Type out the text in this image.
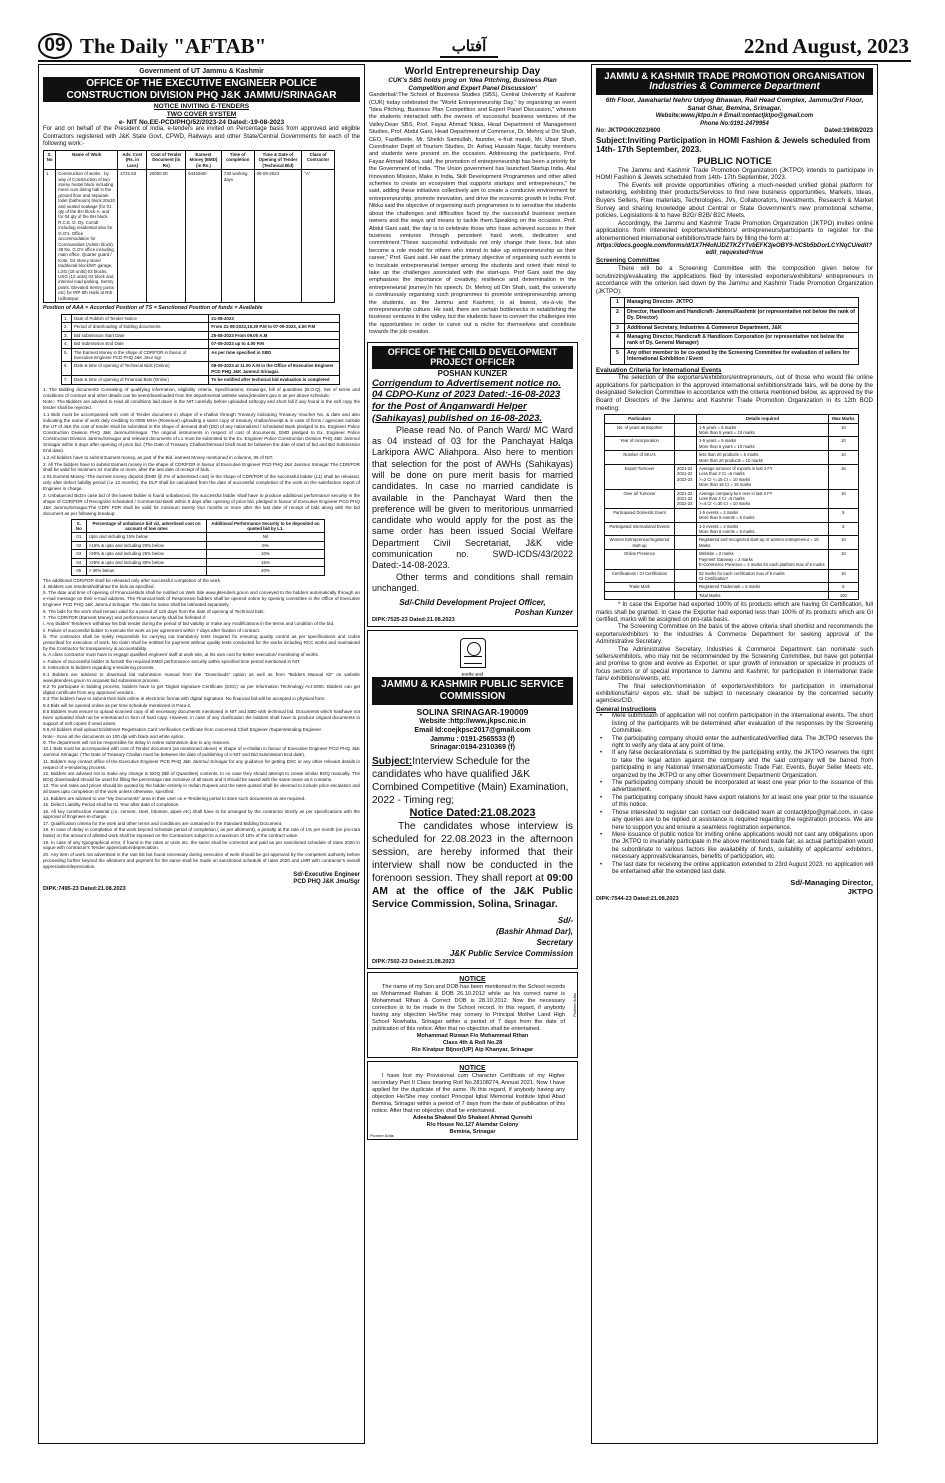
09 The Daily "AFTAB"	آفتاب	22nd August, 2023
Government of UT Jammu & Kashmir
OFFICE OF THE EXECUTIVE ENGINEER POLICE CONSTRUCTION DIVISION PHQ J&K JAMMU/SRINAGAR
NOTICE INVITING E-TENDERS
TWO COVER SYSTEM
e- NIT No.EE-PCD/PHQ/52/2023-24 Dated:-19-08-2023
For and on behalf of the President of India, e-tenders are invited on Percentage basis from approved and eligible Contractors registered with J&K State Govt, CPWD, Railways and other State/Central Governments for each of the following work:-
S. No	Name of Work	Adv. Cost (Rs. in Lacs)	Cost of Tender Document (in Rs)	Earnest Money (EMD) (in Rs.)	Time of completion	Time & Date of Opening of Tender (Technical Bid)	Class of Contractor
1	Construction of works : by way of Construction of two storey hostel block including mess cum dining hall in the ground floor and separate toilet (bathroom) block 20x20 and sealed soakage (for 01 qty of the BH block-A, and for 04 qty of the BH block R.C.E. D. Dy. Comdt including residential also for G.O's. Office accommodation for Commandant (Admin block). 38 No. G.O's office including main office. Quarter guard / Kote, G4 storey store/ traditional block/MT garage. LSG (18 units) 03 blocks, USG (12 units) 03 block and internal road parking. Sentry posts. Elevated Sentry posts etc) for IRP 6th Harki at Rrb Udhampur.	4722.63	20000.00	9445260/-	730 working days	08-09-2023	"A"
Position of AAA = Accorded Position of TS = Sanctioned Position of funds = Available
1.	Date of Publish of Tender Notice	21-08-2023
2.	Period of downloading of bidding documents	From 21-08-2023,16.30 P.M to 07-09-2023, 4.00 P.M
3.	Bid submission Start Date	25-08-2023 From 09.00 A.M
4.	Bid Submission End Date	07-09-2023 up to 4.00 P.M
5.	The Earnest Money in the shape of CDR/FDR in favour of Executive Engineer PCD PHQ J&K Jmu/ Sgr	As per time specified in SBD
6.	Date & time of opening of Technical Bids (Online)	08-09-2023 at 11.00 A.M in the Office of Executive Engineer PCD PHQ J&K Jammu/ Srinagar.
7.	Date & time of opening of Financial Bids (Online)	To be notified after technical bid evaluation is completed
1. The Bidding documents Consisting of qualifying information, eligibility criteria, Specifications, Drawings, bill of quantities (B.O.Q), Set of terms and conditions of contract and other details can be seen/downloaded from the departmental website www.jktenders.gov.in as per above schedule:
Note:- The Bidders are advised to read all conditions laid down in the NIT carefully before uploaded softcopy and short fall if any found in the soft copy the tender shall be rejected.
1.1 Bids must be accompanied with cost of Tender document in shape of e-challan through Treasury indicating Treasury Voucher No. & date and also indicating the name of work duly crediting to 0055 MHA (Revenue) uploading a same copy of treasury challan/receipt & in case of firms / agencies outside the UT of J&K the cost of tender shall be submitted in the shape of demand draft (DD) of any nationalized / scheduled Bank pledged to Ex. Engineer Police Construction Division PHQ J&K Jammu/Srinagar. The original instruments in respect of cost of documents, EMD pledged to Ex. Engineer Police Construction Division Jammu/Srinagar and relevant documents of L1 must be submitted to the Ex. Engineer Police Construction Division PHQ J&K Jammu/ Srinagar within 5 days after opening of price bid. (The Date of Treasury Challan/Demand Draft must be between the date of start of bid and Bid Submission End date).
1.2 All bidders have to submit Earnest money, as part of the Bid, earnest Money mentioned in columns, 05 of NIT.
2. All The bidders have to submit Earnest money in the shape of CDR/FDR in favour of Executive Engineer PCD PHQ J&K Jammu/ Srinagar The CDR/FDR shall be valid for minimum 24 months or more, after the last date of receipt of bids.
2.01 Earnest Money:-The earnest money deposit (EMD @ 2% of advertised cost) in the shape of CDR/FDR of the successful bidder (L1) shall be released, only after defect liability period (i.e 12 months), the DLP shall be calculated from the date of successful completion of the work on the satisfaction report of Engineer in charge.
3. Unbalanced Bid:In case bid of the lowest bidder is found unbalanced, the successful bidder shall have to produce additional performance security in the shape of CDR/FDR of Recognize scheduled / Commercial Bank within 5 days after opening of price bid, pledged in favour of Executive Engineer PCD PHQ J&K Jammu/Srinagar.The CDR/ FDR shall be valid for minimum twenty four months or more after the last date of receipt of bids along with the bid document as per following breakup:
S. No	Percentage of unbalance bid viz, advertised cost on account of low rates	Additional Performance Security to be deposited on quoted bid by L1.
01	Upto and including 15% below	Nil
02	>15% & upto and including 20% below	5%
03	>20% & upto and including 25% below	10%
04	>25% & upto and including 30% below	15%
05	> 30% below	20%
The additional CDR/FDR shall be released only after successful completion of the work.
4. Bidders can resubmit/withdraw the bids as specified.
5. The date and time of opening of Financial-Bids shall be notified on Web Site www.jktenders.gov.in and conveyed to the bidders automatically through an e-mail message on their e-mail address. The Financial-bids of Responsive bidders shall be opened online by opening committee in the Office of Executive Engineer PCD PHQ J&K Jammu/ Srinagar. The date for same shall be intimated separately.
6. The bids for the work shall remain valid for a period of 120 days from the date of opening of Technical bids.
7. The CDR/FDR (Earnest Money) and performance security shall be forfeited if:
i. Any bidder/ Tenderers withdraw his bid/ tender during the period of bid validity or make any modifications in the terms and condition of the bid.
ii. Failure of successful bidder to execute the work as per agreement within 7 days after fixation of contract.
iii. The contractor shall be solely responsible for carrying out mandatory tests required for ensuring quality control as per specifications and codes prescribed for execution of work. No claim shall be entitled for payment without quality tests conducted for the works including RCC works and maintained by the Contractor for transparency & accountability.
iv. A class contractor must have to engage qualified engineer/ staff at work site, at his own cost for better execution/ monitoring of works.
v. Failure of Successful bidder to furnish the required EMD/ performance security within specified time period mentioned in NIT.
8. Instruction to bidders regarding e-tendering process.
8.1 Bidders are advised to download bid submission manual from the "Downloads" option as well as from "Bidders Manual Kit" on website www.jktenders.gov.in to acquaint bid submission process.
8.2 To participate in bidding process, bidders have to get 'Digital Signature Certificate (DSC)' as per Information Technology Act-2000. Bidders can get digital certificate from any approved vendors.
8.3 The bidders have to submit their bids online in electronic format with digital Signature. No financial bid will be accepted in physical form.
8.4 Bids will be opened online as per time schedule mentioned in Para-2.
8.5 Bidders must ensure to upload scanned copy of all necessary documents mentioned in NIT and SBD with technical bid. Documents which has/have not been uploaded shall not be entertained in form of hard copy. However, in case of any clarification the bidders shall have to produce original documents in support of soft copies if need arises.
8.6 All bidders shall upload Enlistment Registration Card Verification Certificate from concerned Chief Engineer /Superintending Engineer.
Note:- Scan all the documents on 100 dpi with black and white option.
9. The department will not be responsible for delay in online submission due to any reasons.
10.1 Bids must be accompanied with cost of Tender document (as mentioned above) in shape of e-challan in favour of Executive Engineer PCD PHQ J&K Jammu/ Srinagar. (The Date of Treasury Challan must be between the date of publishing of e-NIT and Bid Submission End date).
11. Bidders may contact office of the Executive Engineer PCD PHQ J&K Jammu/ Srinagar for any guidance for getting DSC or any other relevant details in respect of e-tendering process.
12. Bidders are advised not to make any change in BOQ (Bill of Quantities) contents. In no case they should attempt to create similar BOQ manually. The BOQ downloaded should be used for filling the percentage rate inclusive of all taxes and it should be saved with the same name as it contains.
13. The unit rates and prices should be quoted by the bidder entirely in Indian Rupees and the rates quoted shall be deemed to include price escalation and all taxes upto completion of the work unless otherwise, specified.
14. Bidders are advised to use "My Documents" area in their user on e-Tendering portal to store such documents as are required.
15. Defect Liability Period shall be 01 Year after date of completion.
16. All key construction material (i.e. cement, steel, bitumen, pipes etc) shall have to be arranged by the contractor strictly as per specifications with the approval of Engineer-in-charge.
17. Qualification criteria for the work and other terms and conditions are contained in the Standard Bidding Document.
18. In case of delay in completion of the work beyond schedule period of completion ( as per allotment), a penalty at the rate of 1% per month (on pro-rata basis) on the amount of allotted work shall be imposed on the Contractors subject to a maximum of 10% of the contract value.
19. In case of any typographical error, if found in the rates or units etc. the same shall be corrected and paid as per sanctioned schedule of rates 2020 in vague with contractor's Tender appreciation/depreciation.
20. Any item of work not advertised in the rate list but found necessary during execution of work should be got approved by the competent authority before proceeding further beyond the allotment and payment for the same shall be made on sanctioned schedule of rates 2020 and LMR with contractor's overall appreciation/depreciation.
Sd/-Executive Engineer
PCD PHQ J&K Jmu/Sgr
DIPK:7495-23 Dated:21.08.2023
World Entrepreneurship Day
CUK's SBS holds prog on 'Idea Pitching, Business Plan Competition and Expert Panel Discussion'
Ganderbal/:The School of Business Studies (SBS), Central University of Kashmir (CUK) today celebrated the "World Entrepreneurship Day," by organizing an event "Idea Pitching, Business Plan Competition and Expert Panel Discussion," wherein the students interacted with the owners of successful business ventures of the Valley.Dean SBS, Prof. Fayaz Ahmad Nikka, Head Department of Management Studies, Prof. Abdul Gani, Head Department of Commerce, Dr. Mehroj ul Din Shah, CEO, FastBeetle, Mr. Sheikh Samiullah, founder, e-fruit mandi, Mr. Ubair Shah, Coordinator Deptt of Tourism Studies, Dr. Ashaq Hussain Najar, faculty members and students were present on the occasion. Addressing the participants, Prof. Fayaz Ahmad Nikka, said, the promotion of entrepreneurship has been a priority for the Government of India. "The Union government has launched Startup India, Atal Innovation Mission, Make in India, Skill Development Programmes and other allied schemes to create an ecosystem that supports startups and entrepreneurs," he said, adding these initiatives collectively aim to create a conducive environment for entrepreneurship, promote innovation, and drive the economic growth in India. Prof. Nikka said the objective of organising such programmes is to sensitise the students about the challenges and difficulties faced by the successful business venture owners and the ways and means to tackle them.Speaking on the occasion, Prof. Abdul Gani said, the day is to celebrate those who have achieved success in their business ventures through persistent hard work, dedication and commitment."These successful individuals not only change their lives, but also become a role model for others who intend to take up entrepreneurship as their career," Prof. Gani said. He said the primary objective of organising such events is to inculcate entrepreneurial temper among the students and orient their mind to take up the challenges associated with the start-ups. Prof Gani said the day emphasizes the importance of creativity, resilience and determination in the entrepreneurial journey.In his speech, Dr. Mehroj ud Din Shah, said, the university is continuously organising such programmes to promote entrepreneurship among the students, as the Jammu and Kashmir, is at lowest, vis-à-vis the entrepreneurship culture. He said, there are certain bottlenecks in establishing the business ventures in the valley, but the students have to convert the challenges into the opportunities in order to carve out a niche for themselves and contribute towards the job creation.
OFFICE OF THE CHILD DEVELOPMENT PROJECT OFFICER
POSHAN KUNZER
Corrigendum to Advertisement notice no. 04 CDPO-Kunz of 2023 Dated:-16-08-2023 for the Post of Anganwardi Helper (Sahikayas) published on 16-08-2023.
Please read No. of Panch Ward/ MC Ward as 04 instead of 03 for the Panchayat Halqa Larkipora AWC Aliahpora. Also here to mention that selection for the post of AWHs (Sahikayas) will be done on pure merit basis for married candidates. In case no married candidate is available in the Panchayat Ward then the preference will be given to meritorious unmarried candidate who would apply for the post as the same order has been issued Social Welfare Department Civil Secretariat, J&K vide communication no. SWD-ICDS/43/2022 Dated:-14-08-2023.
Other terms and conditions shall remain unchanged.
Sd/-Child Development Project Officer,
Poshan Kunzer
DIPK:7525-23 Dated:21.08.2023
सत्यमेव जयते
JAMMU & KASHMIR PUBLIC SERVICE COMMISSION
SOLINA SRINAGAR-190009
Website :http://www.jkpsc.nic.in
Email Id:coejkpsc2017@gmail.com
Jammu : 0191-2565533 (f)
Srinagar:0194-2310369 (f)
Subject:Interview Schedule for the candidates who have qualified J&K Combined Competitive (Main) Examination, 2022 - Timing reg;
Notice Dated:21.08.2023
The candidates whose interview is scheduled for 22.08.2023 in the afternoon session, are hereby informed that their interview shall now be conducted in the forenoon session. They shall report at 09:00 AM at the office of the J&K Public Service Commission, Solina, Srinagar.
Sd/-
(Bashir Ahmad Dar),
Secretary
J&K Public Service Commission
DIPK:7502-23 Dated:21.08.2023
NOTICE
The name of my Son and DOB has been mentioned in the School records as Mohammad Raihan & DOB 26.10.2012 while as his correct name is Mohammad Rihan & Correct DOB is 28.10.2012. Now the necessary correction is to be made in the School record. In this regard, if anybody having any objection He/She may convey to Principal Mother Land High School Nowhatta, Srinagar within a period of 7 days from the date of publication of this notice. After that no objection shall be entertained.
Mohammad Rizwan F/o Mohammad Rihan
Class 4th & Roll No.28
R/o Kiratpur Bijnor(UP) A/p Khanyar, Srinagar
Pioneer Adds
NOTICE
I have lost my Provisional cum Character Certificate of my Higher secondary Part II Class bearing Roll No.28108274, Annual 2021. Now I have applied for the duplicate of the same. IN this regard, if anybody having any objection He/She may contact Principal Iqbal Memorial Institute Iqbal Abad Bemina, Srinagar within a period of 7 days from the date of publication of this notice. After that no objection shall be entertained.
Adeeba Shakeel D/o Shakeel Ahmad Qureshi
R/o House No.127 Alamdar Colony
Bemina, Srinagar
Pioneer Adds
JAMMU & KASHMIR TRADE PROMOTION ORGANISATION
Industries & Commerce Department
6th Floor, Jawaharlal Nehru Udyog Bhawan, Rail Head Complex, Jammu/3rd Floor, Sanat Ghar, Bemina, Srinagar.
Website:www.jktpo.in # Email:contactjktpo@gmail.com
Phone No:0191-2479954
No: JKTPO/K/2023/600	Dated:19/08/2023
Subject:Inviting Participation in HOMI Fashion & Jewels scheduled from 14th- 17th September, 2023.
PUBLIC NOTICE
The Jammu and Kashmir Trade Promotion Organization (JKTPO) intends to participate in HOMI Fashion & Jewels scheduled from 14th- 17th September, 2023.
The Events will provide opportunities offering a much-needed unified global platform for networking, exhibiting their products/Services to find new business opportunities, Markets, Ideas, Buyers Sellers, Raw materials, Technologies, JVs, Collaborators, Investments, Research & Market Survey and sharing knowledge about Central or State Government's new promotional scheme, policies, Legislations & to have B2G/ B2B/ B2C Meets.
Accordingly, the Jammu and Kashmir Trade Promotion Organization (JKTPO) invites online applications from interested exporters/exhibitors/ entrepreneurs/participants to register for the aforementioned international exhibitions/trade fairs by filing the form at :
https://docs.google.com/forms/d/1X7H4oNJDZTKZYTvbEFK3jeOBY9-NC5b5bDorLCYNqCU/edit?edit_requested=true
Screening Committee
There will be a Screening Committee with the composition given below for scrutinizing/evaluating the applications filed by interested exporters/exhibitors/ entrepreneurs in accordance with the criterion laid down by the Jammu and Kashmir Trade Promotion Organization (JKTPO):
1	Managing Director- JKTPO
2	Director, Handloom and Handicraft- Jammu/Kashmir (or representative not below the rank of Dy. Director)
3	Additional Secretary, Industries & Commerce Department, J&K
4	Managing Director, Handicraft & Handloom Corporation (or representative not below the rank of Dy. General Manager)
5	Any other member to be co-opted by the Screening Committee for evaluation of sellers for International Exhibition / Event
Evaluation Criteria for International Events
The selection of the exporters/exhibitors/entrepreneurs, out of those who would file online applications for participation in the approved international exhibitions/trade fairs, will be done by the designated Selection Committee in accordance with the criteria mentioned below, as approved by the Board of Directors of the Jammu and Kashmir Trade Promotion Organization in its 12th BOD meeting:
Particulars		Details required	Max Marks
No. of years as Exporter		1-5 years = 5 marks
More than 5 years = 10 marks	10
Year of Incorporation		1-5 years = 5 marks
More than 5 years = 10 marks	10
Number of SKU's		less than 20 products = 5 marks
More than 20 products = 10 marks	10
Export Turnover	2021-22
2021-22
2022-23	Average turnover of exports in last 3 FY
Less than 2 Cr =5 marks
>=2 Cr <=15 Cr = 10 marks
More than 15 Cr = 15 marks	15
Over all Turnover	2021-22
2021-22
2022-23	Average company turn over in last 3 FY
Less than 4 Cr =5 marks
>=4 Cr <=30 Cr = 10 marks	10
Participated Domestic Event		1-5 events = 2 marks
More than 5 events = 5 marks	5
Participated International Events		1-2 events = 2 marks
More than 6 events = 5 marks	5
Women Entrepreneur/registered start-up		Registered and recognized start-up or women entrepreneur = 10 Marks	10
Online Presence		Website = 2 marks
Payment Gateway = 2 marks
E-Commerce Presence = 2 marks for each platform max of 6 marks	10
Certifications / GI Certification		02 marks for each certification max of 5 marks
GI Certification*	10
Trade Mark		Registered Trademark = 5 marks	5
		Total Marks	100
* In case the Exporter had exported 100% of its products which are having GI Certification, full marks shall be granted. In case the Exporter had exported less than 100% of its products which are GI certified, marks will be assigned on pro-rata basis.
The Screening Committee on the basis of the above criteria shall shortlist and recommends the exporters/exhibitors to the Industries & Commerce Department for seeking approval of the Administrative Secretary.
The Administrative Secretary, Industries & Commerce Department can nominate such sellers/exhibitors, who may not be recommended by the Screening Committee, but have got potential and promise to grow and evolve as Exporter, or spur growth of innovation or specialize in products of focus sectors or of special importance to Jammu and Kashmir, for participation in international trade fairs/ exhibitions/events, etc.
The final selection/nomination of exporters/exhibitors for participation in international exhibitions/fairs/ expos etc. shall be subject to necessary clearance by the concerned security agencies/CID.
General Instructions
•	Mere submission of application will not confirm participation in the international events. The short listing of the participants will be determined after evaluation of the responses by the Screening Committee.
•	The participating company should enter the authenticated/verified data. The JKTPO reserves the right to verify any data at any point of time.
•	If any false declaration/data is submitted by the participating entity, the JKTPO reserves the right to take the legal action against the company and the said company will be barred from participating in any National/ International/Domestic Trade Fair, Events, Buyer Seller Meets etc. organized by the JKTPO or any other Government Department/ Organization.
•	The participating company should be incorporated at least one year prior to the issuance of this advertisement.
•	The participating company should have export relations for at least one year prior to the issuance of this notice.
•	Those interested to register can contact our dedicated team at contactjktpo@gmail.com, in case any queries are to be replied or assistance is required regarding the registration process. We are here to support you and ensure a seamless registration experience.
•	Mere issuance of public notice for inviting online applications would not cast any obligations upon the JKTPO to invariably participate in the above mentioned trade fair, as actual participation would be subordinate to various factors like availability of funds, suitability of applicants/ exhibitors, necessary approvals/clearances, benefits of participation, etc.
•	The last date for receiving the online application extended to 23rd August 2023. no application will be entertained after the extended last date.
Sd/-Managing Director,
JKTPO
DIPK:7544-23 Dated:21.08.2023
